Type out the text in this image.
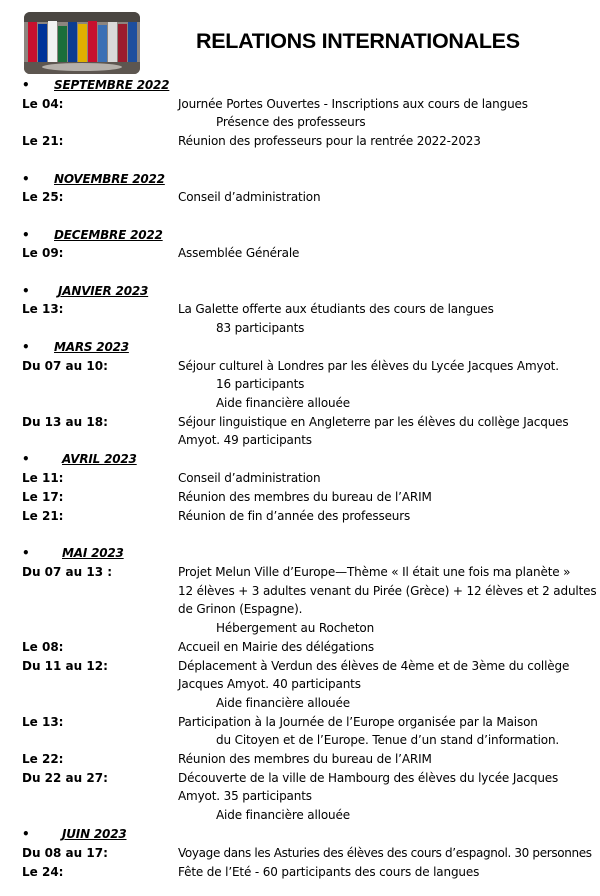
RELATIONS INTERNATIONALES
• SEPTEMBRE 2022
Le 04:	Journée Portes Ouvertes - Inscriptions aux cours de langues
Présence des professeurs
Le 21:	Réunion des professeurs pour la rentrée 2022-2023
• NOVEMBRE 2022
Le 25:	Conseil d’administration
• DECEMBRE 2022
Le 09:	Assemblée Générale
• JANVIER 2023
Le 13:	La Galette offerte aux étudiants des cours de langues
83 participants
• MARS 2023
Du 07 au 10:	Séjour culturel à Londres par les élèves du Lycée Jacques Amyot.
16 participants
Aide financière allouée
Du 13 au 18:	Séjour linguistique en Angleterre par les élèves du collège Jacques
Amyot. 49 participants
•	AVRIL 2023
Le 11:	Conseil d’administration
Le 17:	Réunion des membres du bureau de l’ARIM
Le 21:	Réunion de fin d’année des professeurs
•	MAI 2023
Du 07 au 13 :	Projet Melun Ville d’Europe—Thème « Il était une fois ma planète »
12 élèves + 3 adultes venant du Pirée (Grèce) + 12 élèves et 2 adultes
de Grinon (Espagne).
Hébergement au Rocheton
Le 08:	Accueil en Mairie des délégations
Du 11 au 12:	Déplacement à Verdun des élèves de 4ème et de 3ème du collège
Jacques Amyot. 40 participants
Aide financière allouée
Le 13:	Participation à la Journée de l’Europe organisée par la Maison
du Citoyen et de l’Europe. Tenue d’un stand d’information.
Le 22:	Réunion des membres du bureau de l’ARIM
Du 22 au 27:	Découverte de la ville de Hambourg des élèves du lycée Jacques
Amyot. 35 participants
Aide financière allouée
•	JUIN 2023
Du 08 au 17:	Voyage dans les Asturies des élèves des cours d’espagnol. 30 personnes
Le 24:	Fête de l’Eté - 60 participants des cours de langues
